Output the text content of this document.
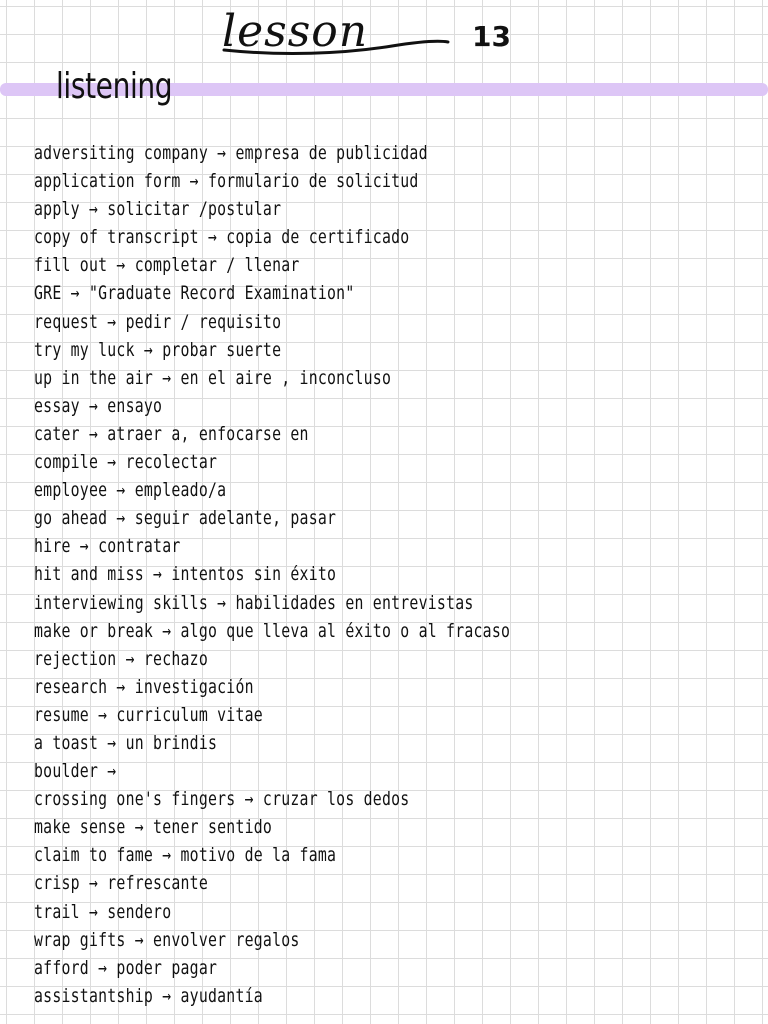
lesson	13
listening
adversiting company → empresa de publicidad
application form → formulario de solicitud
apply → solicitar /postular
copy of transcript → copia de certificado
fill out → completar / llenar
GRE → "Graduate Record Examination"
request → pedir / requisito
try my luck → probar suerte
up in the air → en el aire , inconcluso
essay → ensayo
cater → atraer a, enfocarse en
compile → recolectar
employee → empleado/a
go ahead → seguir adelante, pasar
hire → contratar
hit and miss → intentos sin éxito
interviewing skills → habilidades en entrevistas
make or break → algo que lleva al éxito o al fracaso
rejection → rechazo
research → investigación
resume → curriculum vitae
a toast → un brindis
boulder →
crossing one's fingers → cruzar los dedos
make sense → tener sentido
claim to fame → motivo de la fama
crisp → refrescante
trail → sendero
wrap gifts → envolver regalos
afford → poder pagar
assistantship → ayudantía
